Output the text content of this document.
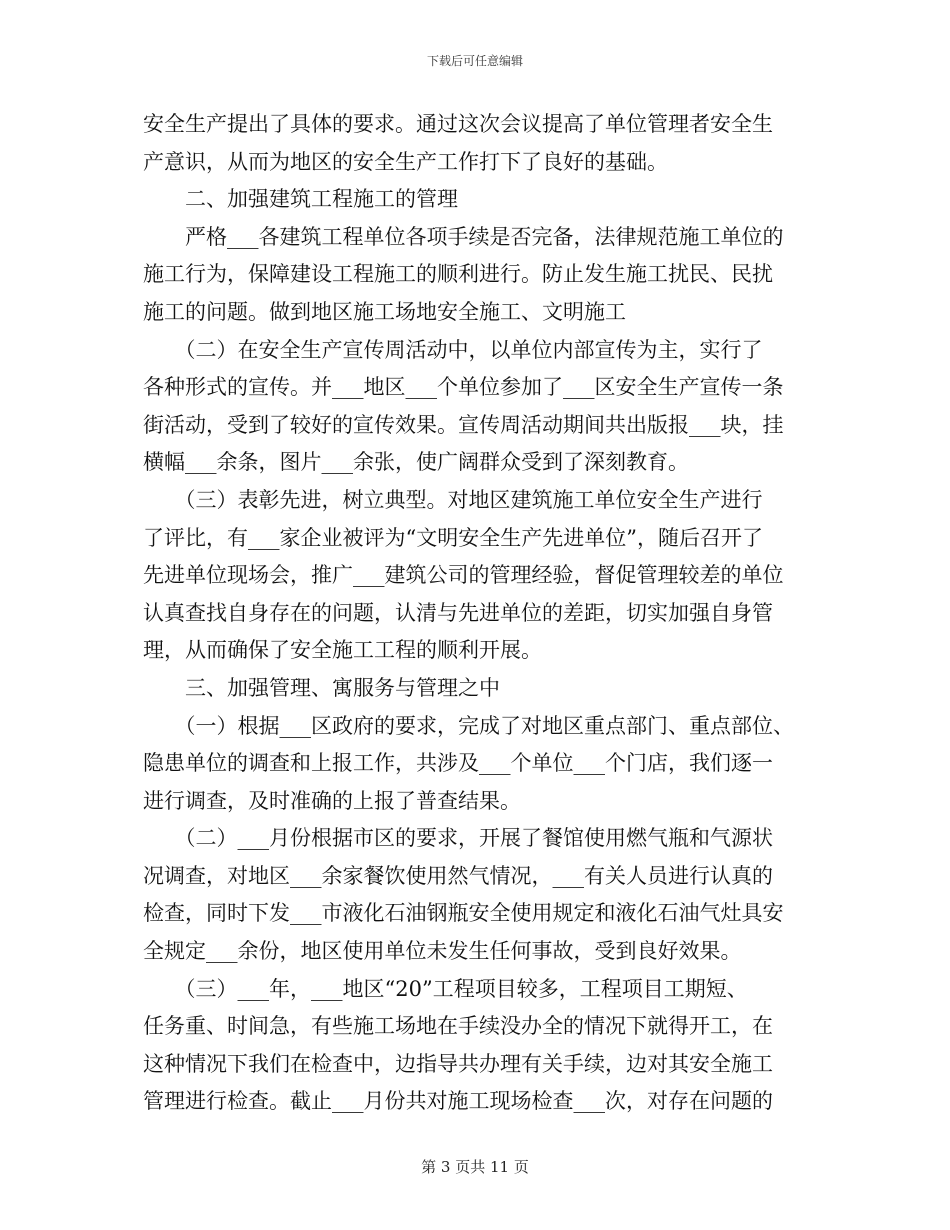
下载后可任意编辑
安全生产提出了具体的要求。通过这次会议提高了单位管理者安全生
产意识，从而为地区的安全生产工作打下了良好的基础。
　　二、加强建筑工程施工的管理
　　严格___各建筑工程单位各项手续是否完备，法律规范施工单位的
施工行为，保障建设工程施工的顺利进行。防止发生施工扰民、民扰
施工的问题。做到地区施工场地安全施工、文明施工
　　（二）在安全生产宣传周活动中，以单位内部宣传为主，实行了
各种形式的宣传。并___地区___个单位参加了___区安全生产宣传一条
街活动，受到了较好的宣传效果。宣传周活动期间共出版报___块，挂
横幅___余条，图片___余张，使广阔群众受到了深刻教育。
　　（三）表彰先进，树立典型。对地区建筑施工单位安全生产进行
了评比，有___家企业被评为“文明安全生产先进单位”，随后召开了
先进单位现场会，推广___建筑公司的管理经验，督促管理较差的单位
认真查找自身存在的问题，认清与先进单位的差距，切实加强自身管
理，从而确保了安全施工工程的顺利开展。
　　三、加强管理、寓服务与管理之中
　　（一）根据___区政府的要求，完成了对地区重点部门、重点部位、
隐患单位的调查和上报工作，共涉及___个单位___个门店，我们逐一
进行调查，及时准确的上报了普查结果。
　　（二）___月份根据市区的要求，开展了餐馆使用燃气瓶和气源状
况调查，对地区___余家餐饮使用然气情况，___有关人员进行认真的
检查，同时下发___市液化石油钢瓶安全使用规定和液化石油气灶具安
全规定___余份，地区使用单位未发生任何事故，受到良好效果。
　　（三）___年，___地区“20”工程项目较多，工程项目工期短、
任务重、时间急，有些施工场地在手续没办全的情况下就得开工，在
这种情况下我们在检查中，边指导共办理有关手续，边对其安全施工
管理进行检查。截止___月份共对施工现场检查___次，对存在问题的
第 3 页共 11 页
